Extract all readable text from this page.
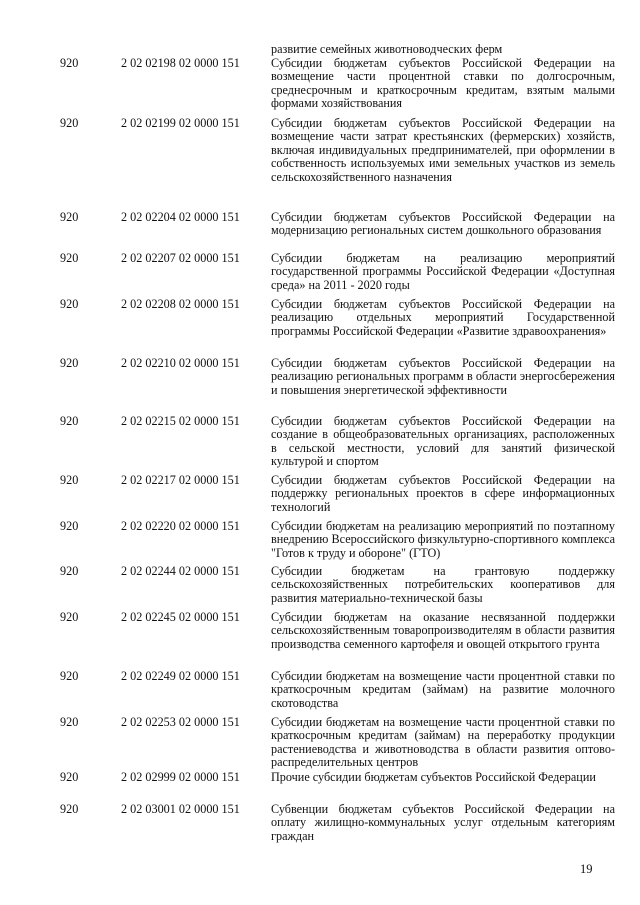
развитие семейных животноводческих ферм
920	2 02 02198 02 0000 151	Субсидии бюджетам субъектов Российской Федерации на возмещение части процентной ставки по долгосрочным, среднесрочным и краткосрочным кредитам, взятым малыми формами хозяйствования
920	2 02 02199 02 0000 151	Субсидии бюджетам субъектов Российской Федерации на возмещение части затрат крестьянских (фермерских) хозяйств, включая индивидуальных предпринимателей, при оформлении в собственность используемых ими земельных участков из земель сельскохозяйственного назначения
920	2 02 02204 02 0000 151	Субсидии бюджетам субъектов Российской Федерации на модернизацию региональных систем дошкольного образования
920	2 02 02207 02 0000 151	Субсидии бюджетам на реализацию мероприятий государственной программы Российской Федерации «Доступная среда» на 2011 - 2020 годы
920	2 02 02208 02 0000 151	Субсидии бюджетам субъектов Российской Федерации на реализацию отдельных мероприятий Государственной программы Российской Федерации «Развитие здравоохранения»
920	2 02 02210 02 0000 151	Субсидии бюджетам субъектов Российской Федерации на реализацию региональных программ в области энергосбережения и повышения энергетической эффективности
920	2 02 02215 02 0000 151	Субсидии бюджетам субъектов Российской Федерации на создание в общеобразовательных организациях, расположенных в сельской местности, условий для занятий физической культурой и спортом
920	2 02 02217 02 0000 151	Субсидии бюджетам субъектов Российской Федерации на поддержку региональных проектов в сфере информационных технологий
920	2 02 02220 02 0000 151	Субсидии бюджетам на реализацию мероприятий по поэтапному внедрению Всероссийского физкультурно-спортивного комплекса "Готов к труду и обороне" (ГТО)
920	2 02 02244 02 0000 151	Субсидии бюджетам на грантовую поддержку сельскохозяйственных потребительских кооперативов для развития материально-технической базы
920	2 02 02245 02 0000 151	Субсидии бюджетам на оказание несвязанной поддержки сельскохозяйственным товаропроизводителям в области развития производства семенного картофеля и овощей открытого грунта
920	2 02 02249 02 0000 151	Субсидии бюджетам на возмещение части процентной ставки по краткосрочным кредитам (займам) на развитие молочного скотоводства
920	2 02 02253 02 0000 151	Субсидии бюджетам на возмещение части процентной ставки по краткосрочным кредитам (займам) на переработку продукции растениеводства и животноводства в области развития оптово-распределительных центров
920	2 02 02999 02 0000 151	Прочие субсидии бюджетам субъектов Российской Федерации
920	2 02 03001 02 0000 151	Субвенции бюджетам субъектов Российской Федерации на оплату жилищно-коммунальных услуг отдельным категориям граждан
19
